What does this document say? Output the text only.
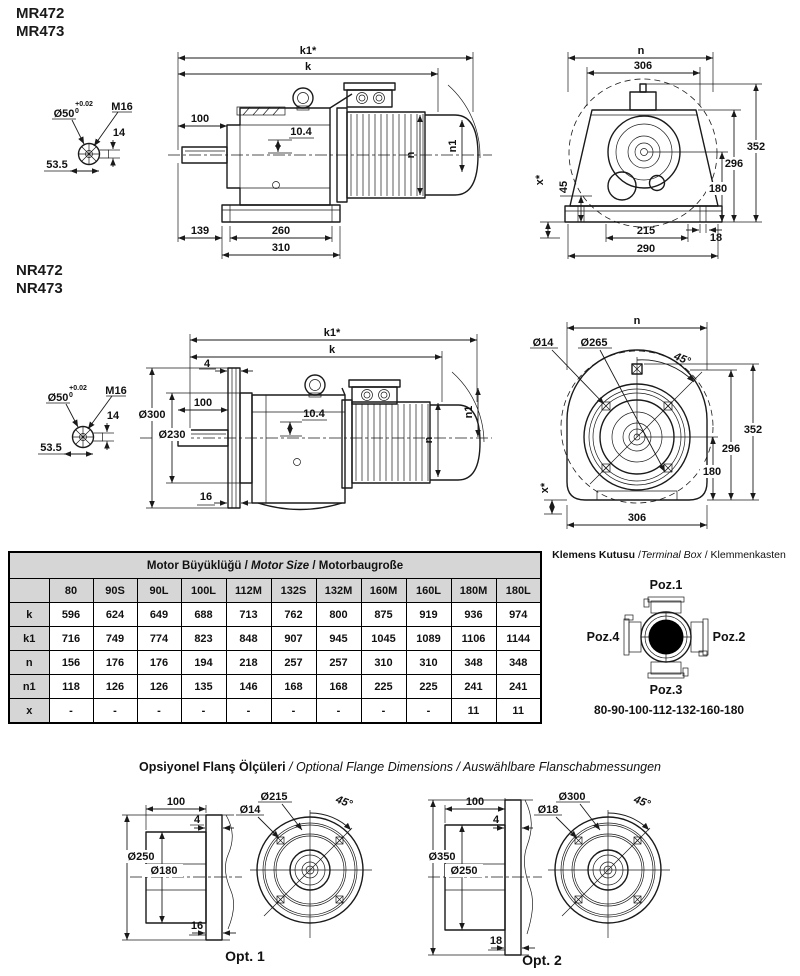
MR472
MR473
+0.02
0
Ø50
M16
14
53.5
k1*
k
100
10.4
139	260
310
n
n1
n
306
352
296
180
18
215
290
45
x*
NR472
NR473
+0.02
0
Ø50
M16
14
53.5
k1*
k
4
Ø300
Ø230
100
10.4
16
n
n1
45°
Ø14 Ø265
n
352
296
180
306
x*
Motor Büyüklüğü / Motor Size / Motorbaugroße											
	80	90S	90L	100L	112M	132S	132M	160M	160L	180M	180L
k	596	624	649	688	713	762	800	875	919	936	974
k1	716	749	774	823	848	907	945	1045	1089	1106	1144
n	156	176	176	194	218	257	257	310	310	348	348
n1	118	126	126	135	146	168	168	225	225	241	241
x	-	-	-	-	-	-	-	-	-	11	11
Klemens Kutusu /Terminal Box / Klemmenkasten
Poz.1
Poz.2
Poz.3
Poz.4
80-90-100-112-132-160-180
Opsiyonel Flanş Ölçüleri / Optional Flange Dimensions / Auswählbare Flanschabmessungen
100
4
Ø250
Ø180
16
45°
Ø215
Ø14
Opt. 1
100
4
Ø350
Ø250
18
45°
Ø300
Ø18
Opt. 2
